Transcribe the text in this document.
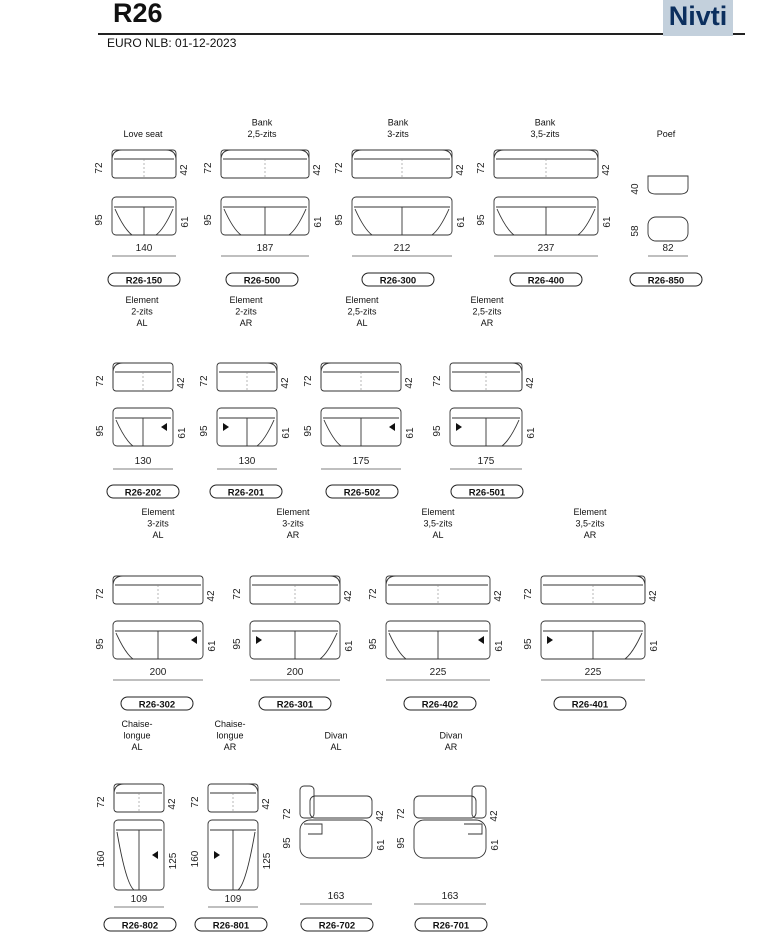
R26
EURO NLB: 01-12-2023
Nivti
Love seat
72	42
95	61
140
R26-150
Bank
2,5-zits
72	42
95	61
187
R26-500
Bank
3-zits
72	42
95	61
212
R26-300
Bank
3,5-zits
72	42
95	61
237
R26-400
Poef
40
58
82
R26-850
Element
2-zits
AL
72	42
95	61
130
R26-202
Element
2-zits
AR
72	42
95	61
130
R26-201
Element
2,5-zits
AL
72	42
95	61
175
R26-502
Element
2,5-zits
AR
72	42
95	61
175
R26-501
Element
3-zits
AL
72	42
95	61
200
R26-302
Element
3-zits
AR
72	42
95	61
200
R26-301
Element
3,5-zits
AL
72	42
95	61
225
R26-402
Element
3,5-zits
AR
72	42
95	61
225
R26-401
Chaise-
longue
AL
72	42
160	125
109
R26-802
Chaise-
longue
AR
72	42
160	125
109
R26-801
Divan
AL
72	42
95	61
163
R26-702
Divan
AR
72	42
95	61
163
R26-701
